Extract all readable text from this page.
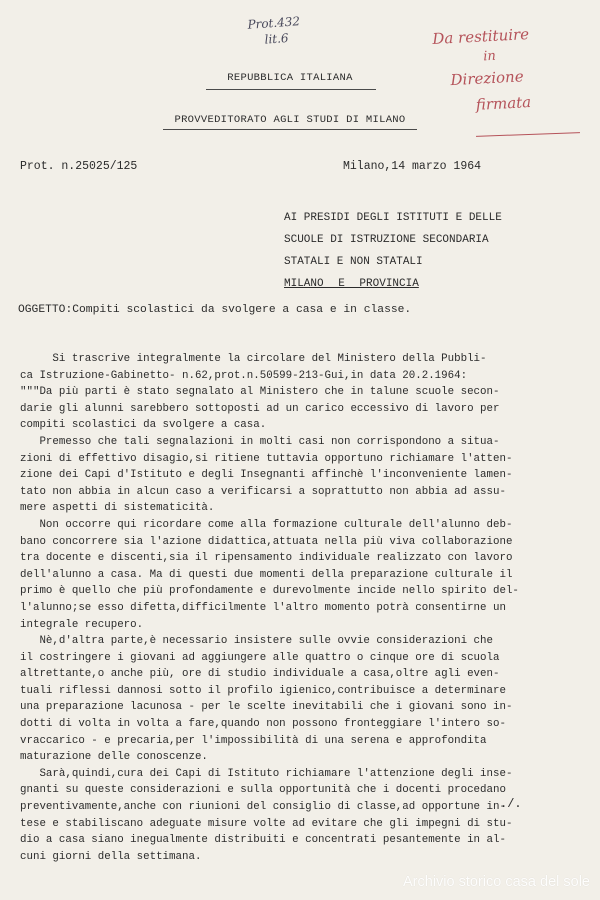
Prot.432
lit.6	Da restituire
in
Direzione
firmata
REPUBBLICA ITALIANA
PROVVEDITORATO AGLI STUDI DI MILANO
Prot. n.25025/125	Milano,14 marzo 1964
AI PRESIDI DEGLI ISTITUTI E DELLE
SCUOLE DI ISTRUZIONE SECONDARIA
STATALI E NON STATALI
MILANO E PROVINCIA
OGGETTO:Compiti scolastici da svolgere a casa e in classe.
Si trascrive integralmente la circolare del Ministero della Pubbli-
ca Istruzione-Gabinetto- n.62,prot.n.50599-213-Gui,in data 20.2.1964:
"""Da più parti è stato segnalato al Ministero che in talune scuole secon-
darie gli alunni sarebbero sottoposti ad un carico eccessivo di lavoro per
compiti scolastici da svolgere a casa.
Premesso che tali segnalazioni in molti casi non corrispondono a situa-
zioni di effettivo disagio,si ritiene tuttavia opportuno richiamare l'atten-
zione dei Capi d'Istituto e degli Insegnanti affinchè l'inconveniente lamen-
tato non abbia in alcun caso a verificarsi a soprattutto non abbia ad assu-
mere aspetti di sistematicità.
Non occorre qui ricordare come alla formazione culturale dell'alunno deb-
bano concorrere sia l'azione didattica,attuata nella più viva collaborazione
tra docente e discenti,sia il ripensamento individuale realizzato con lavoro
dell'alunno a casa. Ma di questi due momenti della preparazione culturale il
primo è quello che più profondamente e durevolmente incide nello spirito del-
l'alunno;se esso difetta,difficilmente l'altro momento potrà consentirne un
integrale recupero.
Nè,d'altra parte,è necessario insistere sulle ovvie considerazioni che
il costringere i giovani ad aggiungere alle quattro o cinque ore di scuola
altrettante,o anche più, ore di studio individuale a casa,oltre agli even-
tuali riflessi dannosi sotto il profilo igienico,contribuisce a determinare
una preparazione lacunosa - per le scelte inevitabili che i giovani sono in-
dotti di volta in volta a fare,quando non possono fronteggiare l'intero so-
vraccarico - e precaria,per l'impossibilità di una serena e approfondita
maturazione delle conoscenze.
Sarà,quindi,cura dei Capi di Istituto richiamare l'attenzione degli inse-
gnanti su queste considerazioni e sulla opportunità che i docenti procedano
preventivamente,anche con riunioni del consiglio di classe,ad opportune in-
tese e stabiliscano adeguate misure volte ad evitare che gli impegni di stu-
dio a casa siano inegualmente distribuiti e concentrati pesantemente in al-
cuni giorni della settimana.
./.
Archivio storico casa del sole
